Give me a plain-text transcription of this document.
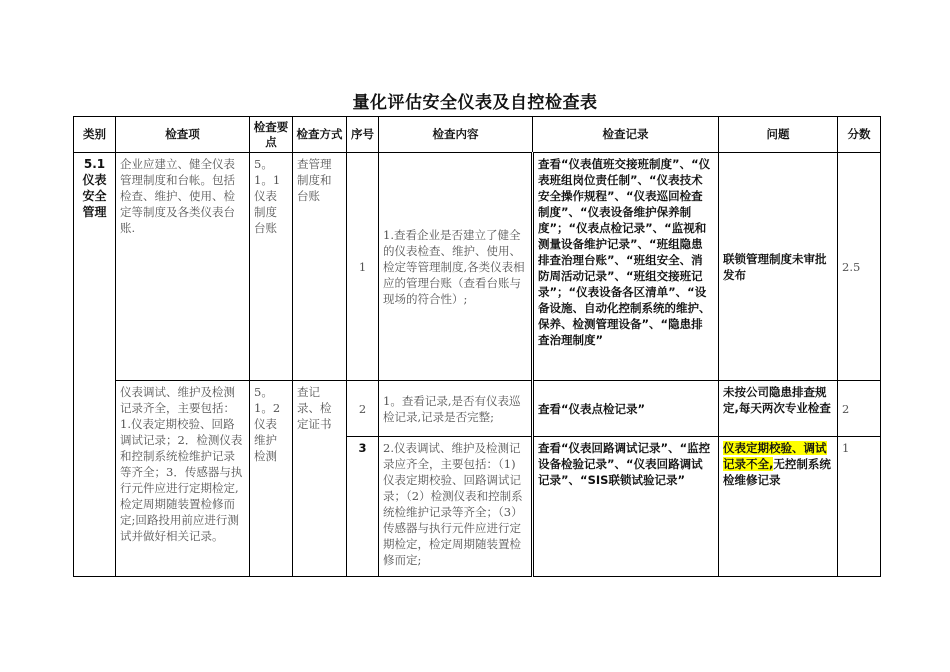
量化评估安全仪表及自控检查表
类别	检查项	检查要点	检查方式	序号	检查内容	检查记录	问题	分数
5.1仪表安全管理	企业应建立、健全仪表管理制度和台帐。包括检查、维护、使用、检定等制度及各类仪表台账.	5。1。1仪表制度台账	查管理制度和台账	1	1.查看企业是否建立了健全的仪表检查、维护、使用、检定等管理制度,各类仪表相应的管理台账（查看台账与现场的符合性）;	查看“仪表值班交接班制度”、“仪表班组岗位责任制”、“仪表技术安全操作规程”、“仪表巡回检查制度”、“仪表设备维护保养制度”；“仪表点检记录”、“监视和测量设备维护记录”、“班组隐患排查治理台账”、“班组安全、消防周活动记录”、“班组交接班记录”；“仪表设备各区清单”、“设备设施、自动化控制系统的维护、保养、检测管理设备”、“隐患排查治理制度”	联锁管理制度未审批发布	2.5
	仪表调试、维护及检测记录齐全，主要包括：1.仪表定期校验、回路调试记录；2．检测仪表和控制系统检维护记录等齐全；3．传感器与执行元件应进行定期检定,检定周期随装置检修而定;回路投用前应进行测试并做好相关记录。	5。1。2仪表维护检测	查记录、检定证书	2	1。查看记录,是否有仪表巡检记录,记录是否完整;	查看“仪表点检记录”	未按公司隐患排查规定,每天两次专业检查	2
				3	2.仪表调试、维护及检测记录应齐全，主要包括：（1)仪表定期校验、回路调试记录；（2）检测仪表和控制系统检维护记录等齐全；（3）传感器与执行元件应进行定期检定，检定周期随装置检修而定;	查看“仪表回路调试记录”、“监控设备检验记录”、“仪表回路调试记录”、“SIS联锁试验记录”	仪表定期校验、调试记录不全,无控制系统检维修记录	1
